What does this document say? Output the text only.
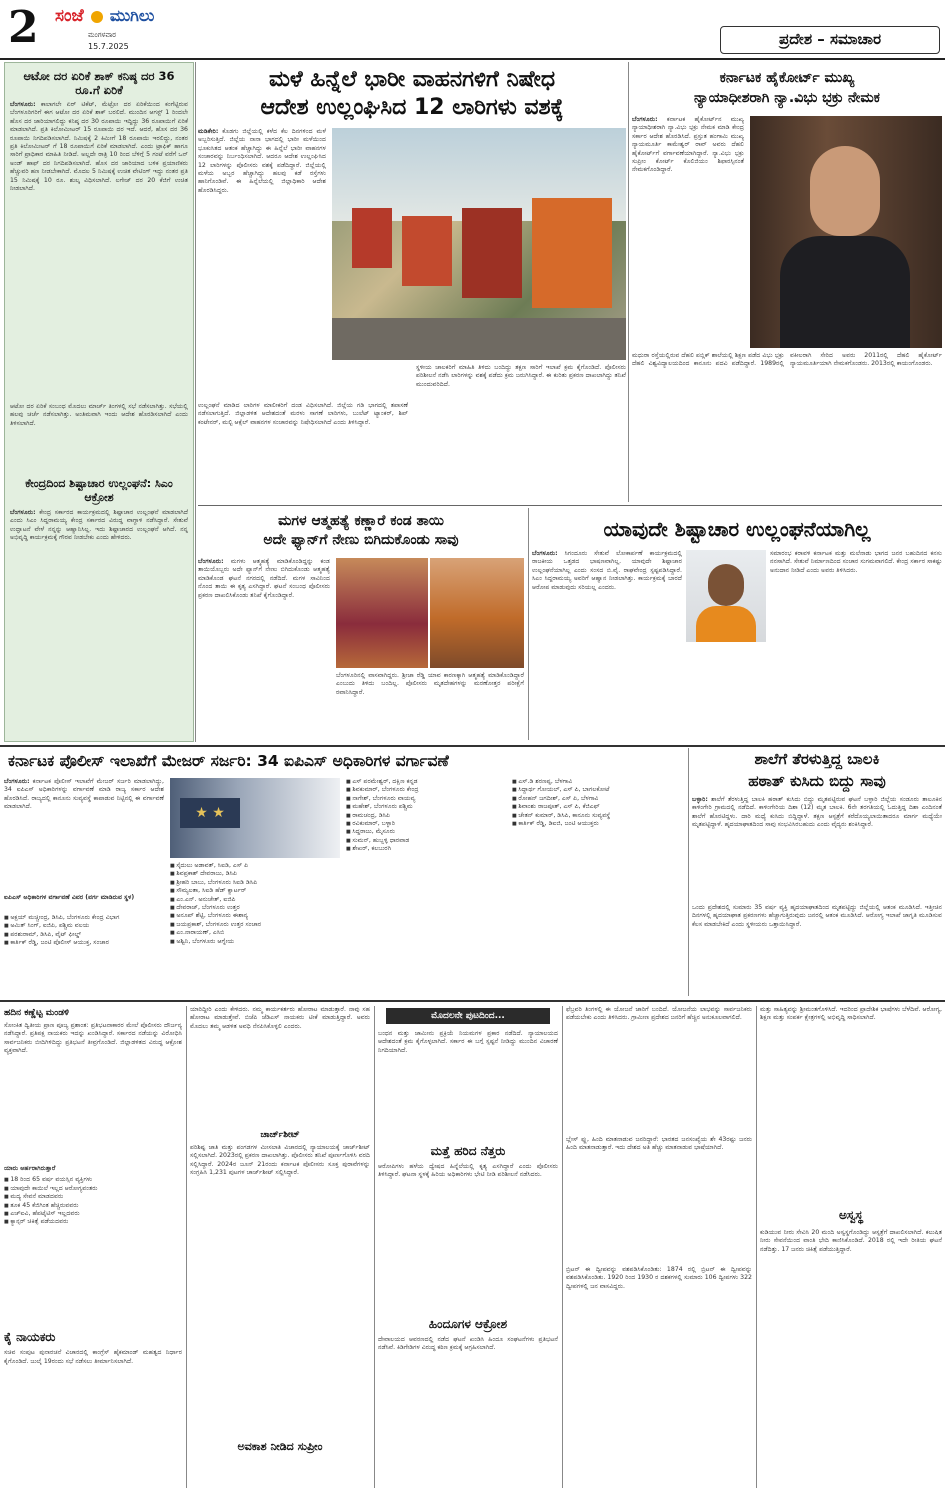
2 ಸಂಜೆ ಮುಗಿಲು
ಮಂಗಳವಾರ
15.7.2025	ಪ್ರದೇಶ – ಸಮಾಚಾರ
ಆಟೋ ದರ ಏರಿಕೆ ಶಾಕ್ ಕನಿಷ್ಠ ದರ 36 ರೂ.ಗೆ ಏರಿಕೆ
ಬೆಂಗಳೂರು: ಕಾಲಾಗಲೇ ಏರ್ ಟಿಕೆಟ್, ಮೆಟ್ರೋ ದರ ಏರಿಕೆಯಿಂದ ಕಂಗೆಟ್ಟಿರುವ ಬೆಂಗಳೂರಿಗರಿಗೆ ಈಗ ಆಟೋ ದರ ಏರಿಕೆ ಶಾಕ್ ಬರಲಿದೆ. ಮುಂದಿನ ಆಗಸ್ಟ್ 1 ರಿಂದಲೇ ಹೊಸ ದರ ಜಾರಿಯಾಗಲಿದ್ದು ಕನಿಷ್ಠ ದರ 30 ರೂಪಾಯಿ ಇದ್ದಿದ್ದು 36 ರೂಪಾಯಿಗೆ ಏರಿಕೆ ಮಾಡಲಾಗಿದೆ. ಪ್ರತಿ ಕಿಲೋಮೀಟರ್ 15 ರೂಪಾಯಿ ದರ ಇದೆ. ಆದರೆ, ಹೊಸ ದರ 36 ರೂಪಾಯಿ ನಿಗದಿಪಡಿಸಲಾಗಿದೆ. ನಿಮಿಷಕ್ಕೆ 2 ಕಿಮೀಗೆ 18 ರೂಪಾಯಿ ಇರಲಿದ್ದು, ನಂತರ ಪ್ರತಿ ಕಿಲೋಮೀಟರ್ ಗೆ 18 ರೂಪಾಯಿಗೆ ಏರಿಕೆ ಮಾಡಲಾಗಿದೆ. ಎಂದು ಟ್ರಾಫಿಕ್ ಹಾಗೂ ಸಾರಿಗೆ ಪ್ರಾಧಿಕಾರ ಮಾಹಿತಿ ನೀಡಿದೆ. ಅಲ್ಲದೇ ರಾತ್ರಿ 10 ರಿಂದ ಬೆಳಿಗ್ಗೆ 5 ಗಂಟೆ ವರೆಗೆ ಒನ್ ಅಂಡ್ ಹಾಫ್ ದರ ನಿಗದಿಪಡಿಸಲಾಗಿದೆ. ಹೊಸ ದರ ಜಾರಿಯಾದ ಬಳಿಕ ಪ್ರಯಾಣಿಕರು ಹೆಚ್ಚುವರಿ ಹಣ ನೀಡಬೇಕಾಗಿದೆ. ಮೊದಲ 5 ನಿಮಿಷಕ್ಕೆ ಉಚಿತ ವೇಟಿಂಗ್ ಇದ್ದು ನಂತರ ಪ್ರತಿ 15 ನಿಮಿಷಕ್ಕೆ 10 ರೂ. ಶುಲ್ಕ ವಿಧಿಸಲಾಗಿದೆ. ಲಗೇಜ್ ದರ 20 ಕೆಜಿಗೆ ಉಚಿತ ನೀಡಲಾಗಿದೆ.
ಆಟೋ ದರ ಏರಿಕೆ ಸಂಬಂಧ ಮೊದಲು ಮಾರ್ಚ್ ತಿಂಗಳಲ್ಲಿ ಸಭೆ ನಡೆಸಲಾಗಿತ್ತು. ಸಭೆಯಲ್ಲಿ ಹಲವು ಚರ್ಚೆ ನಡೆಸಲಾಗಿತ್ತು. ಅಂತಿಮವಾಗಿ ಇಂದು ಆದೇಶ ಹೊರಡಿಸಲಾಗಿದೆ ಎಂದು ತಿಳಿಸಲಾಗಿದೆ.
ಕೇಂದ್ರದಿಂದ ಶಿಷ್ಟಾಚಾರ ಉಲ್ಲಂಘನೆ: ಸಿಎಂ ಆಕ್ರೋಶ
ಬೆಂಗಳೂರು: ಕೇಂದ್ರ ಸರ್ಕಾರದ ಕಾರ್ಯಕ್ರಮದಲ್ಲಿ ಶಿಷ್ಟಾಚಾರ ಉಲ್ಲಂಘನೆ ಮಾಡಲಾಗಿದೆ ಎಂದು ಸಿಎಂ ಸಿದ್ದರಾಮಯ್ಯ ಕೇಂದ್ರ ಸರ್ಕಾರದ ವಿರುದ್ಧ ವಾಗ್ದಾಳಿ ನಡೆಸಿದ್ದಾರೆ. ಸೇತುವೆ ಉದ್ಘಾಟನೆ ವೇಳೆ ನನ್ನನ್ನು ಆಹ್ವಾನಿಸಿಲ್ಲ. ಇದು ಶಿಷ್ಟಾಚಾರದ ಉಲ್ಲಂಘನೆ ಆಗಿದೆ. ನನ್ನ ಅಭಿವೃದ್ಧಿ ಕಾರ್ಯಕ್ರಮಕ್ಕೆ ಗೌರವ ನೀಡಬೇಕು ಎಂದು ಹೇಳಿದರು.
ಮಳೆ ಹಿನ್ನೆಲೆ ಭಾರೀ ವಾಹನಗಳಿಗೆ ನಿಷೇಧ
ಆದೇಶ ಉಲ್ಲಂಘಿಸಿದ 12 ಲಾರಿಗಳು ವಶಕ್ಕೆ
ಮಡಿಕೇರಿ: ಕೊಡಗು ಜಿಲ್ಲೆಯಲ್ಲಿ ಕಳೆದ ಕೆಲ ದಿನಗಳಿಂದ ಮಳೆ ಅಬ್ಬರಿಸುತ್ತಿದೆ. ಜಿಲ್ಲೆಯ ನಾನಾ ಭಾಗದಲ್ಲಿ ಭಾರೀ ಮಳೆಯಿಂದ ಭೂಕುಸಿತದ ಆತಂಕ ಹೆಚ್ಚಾಗಿದ್ದು ಈ ಹಿನ್ನೆಲೆ ಭಾರೀ ವಾಹನಗಳ ಸಂಚಾರವನ್ನು ನಿರ್ಬಂಧಿಸಲಾಗಿದೆ. ಆದರೂ ಆದೇಶ ಉಲ್ಲಂಘಿಸಿದ 12 ಲಾರಿಗಳನ್ನು ಪೊಲೀಸರು ವಶಕ್ಕೆ ಪಡೆದಿದ್ದಾರೆ. ಜಿಲ್ಲೆಯಲ್ಲಿ ಮಳೆಯ ಅಬ್ಬರ ಹೆಚ್ಚಾಗಿದ್ದು ಹಲವು ಕಡೆ ರಸ್ತೆಗಳು ಹಾನಿಗೊಂಡಿವೆ. ಈ ಹಿನ್ನೆಲೆಯಲ್ಲಿ ಜಿಲ್ಲಾಧಿಕಾರಿ ಆದೇಶ ಹೊರಡಿಸಿದ್ದರು.
ಉಲ್ಲಂಘನೆ ಮಾಡಿದ ಲಾರಿಗಳ ಮಾಲೀಕರಿಗೆ ದಂಡ ವಿಧಿಸಲಾಗಿದೆ. ಜಿಲ್ಲೆಯ ಗಡಿ ಭಾಗದಲ್ಲಿ ತಪಾಸಣೆ ನಡೆಸಲಾಗುತ್ತಿದೆ. ಜಿಲ್ಲಾಡಳಿತ ಆದೇಶದಂತೆ ಮರಳು ಸಾಗಣೆ ಲಾರಿಗಳು, ಬುಲೆಟ್ ಟ್ಯಾಂಕರ್, ಶಿಪ್ ಕಂಟೇನರ್, ಮಲ್ಟಿ ಆಕ್ಸೆಲ್ ವಾಹನಗಳ ಸಂಚಾರವನ್ನು ನಿಷೇಧಿಸಲಾಗಿದೆ ಎಂದು ತಿಳಿಸಿದ್ದಾರೆ.
ಸ್ಥಳೀಯ ಚಾಲಕರಿಗೆ ಮಾಹಿತಿ ತಿಳಿದು ಬಂದಿದ್ದು ತಕ್ಷಣ ಸಾರಿಗೆ ಇಲಾಖೆ ಕ್ರಮ ಕೈಗೊಂಡಿದೆ. ಪೊಲೀಸರು ಪರಿಶೀಲನೆ ನಡೆಸಿ ಲಾರಿಗಳನ್ನು ವಶಕ್ಕೆ ಪಡೆದು ಕ್ರಮ ಜರುಗಿಸಿದ್ದಾರೆ. ಈ ಕುರಿತು ಪ್ರಕರಣ ದಾಖಲಾಗಿದ್ದು ತನಿಖೆ ಮುಂದುವರಿದಿದೆ.
ಕರ್ನಾಟಕ ಹೈಕೋರ್ಟ್ ಮುಖ್ಯ
ನ್ಯಾಯಾಧೀಶರಾಗಿ ನ್ಯಾ.ವಿಭು ಭಕ್ರು ನೇಮಕ
ಬೆಂಗಳೂರು: ಕರ್ನಾಟಕ ಹೈಕೋರ್ಟ್‌ನ ಮುಖ್ಯ ನ್ಯಾಯಾಧೀಶರಾಗಿ ನ್ಯಾ.ವಿಭು ಭಕ್ರು ನೇಮಕ ಮಾಡಿ ಕೇಂದ್ರ ಸರ್ಕಾರ ಆದೇಶ ಹೊರಡಿಸಿದೆ. ಪ್ರಸ್ತುತ ಹಂಗಾಮಿ ಮುಖ್ಯ ನ್ಯಾಯಮೂರ್ತಿ ಕಾಮೇಶ್ವರ್ ರಾವ್ ಅವರು ದೆಹಲಿ ಹೈಕೋರ್ಟ್‌ಗೆ ವರ್ಗಾವಣೆಯಾಗಿದ್ದಾರೆ. ನ್ಯಾ.ವಿಭು ಭಕ್ರು ಸುಪ್ರೀಂ ಕೋರ್ಟ್ ಕೊಲಿಜಿಯಂ ಶಿಫಾರಸ್ಸಿನಂತೆ ನೇಮಕಗೊಂಡಿದ್ದಾರೆ.
ಮಧುರಾ ರಸ್ತೆಯಲ್ಲಿರುವ ದೆಹಲಿ ಪಬ್ಲಿಕ್ ಶಾಲೆಯಲ್ಲಿ ಶಿಕ್ಷಣ ಪಡೆದ ವಿಭು ಭಕ್ರು ದೆಹಲಿ ವಿಶ್ವವಿದ್ಯಾಲಯದಿಂದ ಕಾನೂನು ಪದವಿ ಪಡೆದಿದ್ದಾರೆ. 1989ರಲ್ಲಿ ವಕೀಲರಾಗಿ ಸೇರಿದ ಅವರು 2011ರಲ್ಲಿ ದೆಹಲಿ ಹೈಕೋರ್ಟ್ ನ್ಯಾಯಮೂರ್ತಿಯಾಗಿ ನೇಮಕಗೊಂಡರು. 2013ರಲ್ಲಿ ಕಾಯಂಗೊಂಡರು.
ಮಗಳ ಆತ್ಮಹತ್ಯೆ ಕಣ್ಣಾರೆ ಕಂಡ ತಾಯಿ
ಅದೇ ಫ್ಯಾನ್‌ಗೆ ನೇಣು ಬಿಗಿದುಕೊಂಡು ಸಾವು
ಬೆಂಗಳೂರು: ಮಗಳು ಆತ್ಮಹತ್ಯೆ ಮಾಡಿಕೊಂಡಿದ್ದನ್ನು ಕಂಡ ತಾಯಿಯೊಬ್ಬರು ಅದೇ ಫ್ಯಾನ್‌ಗೆ ನೇಣು ಬಿಗಿದುಕೊಂಡು ಆತ್ಮಹತ್ಯೆ ಮಾಡಿಕೊಂಡ ಘಟನೆ ನಗರದಲ್ಲಿ ನಡೆದಿದೆ. ಮಗಳ ಸಾವಿನಿಂದ ನೊಂದ ತಾಯಿ ಈ ಕೃತ್ಯ ಎಸಗಿದ್ದಾರೆ. ಘಟನೆ ಸಂಬಂಧ ಪೊಲೀಸರು ಪ್ರಕರಣ ದಾಖಲಿಸಿಕೊಂಡು ತನಿಖೆ ಕೈಗೊಂಡಿದ್ದಾರೆ.
ಬೆಂಗಳೂರಿನಲ್ಲಿ ವಾಸವಾಗಿದ್ದರು. ಶ್ರೀಜಾ ರೆಡ್ಡಿ ಯಾವ ಕಾರಣಕ್ಕಾಗಿ ಆತ್ಮಹತ್ಯೆ ಮಾಡಿಕೊಂಡಿದ್ದಾರೆ ಎಂಬುದು ತಿಳಿದು ಬಂದಿಲ್ಲ. ಪೊಲೀಸರು ಮೃತದೇಹಗಳನ್ನು ಮರಣೋತ್ತರ ಪರೀಕ್ಷೆಗೆ ರವಾನಿಸಿದ್ದಾರೆ.
ಯಾವುದೇ ಶಿಷ್ಟಾಚಾರ ಉಲ್ಲಂಘನೆಯಾಗಿಲ್ಲ
ಬೆಂಗಳೂರು: ಸಿಗಂದೂರು ಸೇತುವೆ ಲೋಕಾರ್ಪಣೆ ಕಾರ್ಯಕ್ರಮದಲ್ಲಿ ರಾಜಕೀಯ ಒತ್ತಡದ ಭಾಷಣವಾಗಿಲ್ಲ. ಯಾವುದೇ ಶಿಷ್ಟಾಚಾರ ಉಲ್ಲಂಘನೆಯಾಗಿಲ್ಲ ಎಂದು ಸಂಸದ ಬಿ.ವೈ. ರಾಘವೇಂದ್ರ ಸ್ಪಷ್ಟಪಡಿಸಿದ್ದಾರೆ. ಸಿಎಂ ಸಿದ್ದರಾಮಯ್ಯ ಅವರಿಗೆ ಆಹ್ವಾನ ನೀಡಲಾಗಿತ್ತು. ಕಾರ್ಯಕ್ರಮಕ್ಕೆ ಬಾರದೆ ಆರೋಪ ಮಾಡುವುದು ಸರಿಯಲ್ಲ ಎಂದರು.
ಸಮಾರಂಭ ಕರಾವಳಿ ಕರ್ನಾಟಕ ಮತ್ತು ಮಲೆನಾಡು ಭಾಗದ ಜನರ ಬಹುದಿನದ ಕನಸು ನನಸಾಗಿದೆ. ಸೇತುವೆ ನಿರ್ಮಾಣದಿಂದ ಸಂಚಾರ ಸುಗಮವಾಗಲಿದೆ. ಕೇಂದ್ರ ಸರ್ಕಾರ ಸಾಕಷ್ಟು ಅನುದಾನ ನೀಡಿದೆ ಎಂದು ಅವರು ತಿಳಿಸಿದರು.
ಕರ್ನಾಟಕ ಪೊಲೀಸ್ ಇಲಾಖೆಗೆ ಮೇಜರ್ ಸರ್ಜರಿ: 34 ಐಪಿಎಸ್ ಅಧಿಕಾರಿಗಳ ವರ್ಗಾವಣೆ
ಬೆಂಗಳೂರು: ಕರ್ನಾಟಕ ಪೊಲೀಸ್ ಇಲಾಖೆಗೆ ಮೇಜರ್ ಸರ್ಜರಿ ಮಾಡಲಾಗಿದ್ದು, 34 ಐಪಿಎಸ್ ಅಧಿಕಾರಿಗಳನ್ನು ವರ್ಗಾವಣೆ ಮಾಡಿ ರಾಜ್ಯ ಸರ್ಕಾರ ಆದೇಶ ಹೊರಡಿಸಿದೆ. ರಾಜ್ಯದಲ್ಲಿ ಕಾನೂನು ಸುವ್ಯವಸ್ಥೆ ಕಾಪಾಡುವ ನಿಟ್ಟಿನಲ್ಲಿ ಈ ವರ್ಗಾವಣೆ ಮಾಡಲಾಗಿದೆ.
ಐಪಿಎಸ್ ಅಧಿಕಾರಿಗಳ ವರ್ಗಾವಣೆ ವಿವರ (ವರ್ಗ ಮಾಡಿರುವ ಸ್ಥಳ)
■ ಅಕ್ಷಯ್ ಮಚ್ಚೀಂದ್ರ, ಡಿಸಿಪಿ, ಬೆಂಗಳೂರು ಕೇಂದ್ರ ವಿಭಾಗ
■ ಅಮಿತ್ ಸಿಂಗ್, ಐಜಿಪಿ, ಪಶ್ಚಿಮ ವಲಯ
■ ಪರಶುರಾಮ್, ಡಿಸಿಪಿ, ವೈಟ್ ಫೀಲ್ಡ್
■ ಕಾರ್ತಿಕ್ ರೆಡ್ಡಿ, ಜಂಟಿ ಪೊಲೀಸ್ ಆಯುಕ್ತ, ಸಂಚಾರ
★ ★
■ ಸೈದುಲು ಅಡಾವತ್, ಸಿಐಡಿ, ಎಸ್ ಪಿ
■ ಶಿವಪ್ರಕಾಶ್ ದೇವರಾಜು, ಡಿಸಿಪಿ
■ ಶ್ರೀಹರಿ ಬಾಬು, ಬೆಂಗಳೂರು ಸಿಐಡಿ ಡಿಸಿಪಿ
■ ಸೌಮ್ಯಲತಾ, ಸಿಐಡಿ ಹೆಡ್ ಕ್ವಾರ್ಟರ್
■ ಎಂ.ಎನ್. ಅನುಚೇತ್, ಐಜಿಪಿ
■ ದೇವರಾಜ್, ಬೆಂಗಳೂರು ಉತ್ತರ
■ ಅನೂಪ್ ಶೆಟ್ಟಿ, ಬೆಂಗಳೂರು ಈಶಾನ್ಯ
■ ಜಯಪ್ರಕಾಶ್, ಬೆಂಗಳೂರು ಉತ್ತರ ಸಂಚಾರ
■ ಎಂ.ನಾರಾಯಣ್, ಎಸಿಬಿ
■ ಅಶ್ವಿನಿ, ಬೆಂಗಳೂರು ಆಗ್ನೇಯ
■ ಎಸ್ ಪರಮೇಶ್ವರ್, ದಕ್ಷಿಣ ಕನ್ನಡ
■ ಶಿವಕುಮಾರ್, ಬೆಂಗಳೂರು ಕೇಂದ್ರ
■ ನಾಗೇಶ್, ಬೆಂಗಳೂರು ವಾಯವ್ಯ
■ ಮಹೇಶ್, ಬೆಂಗಳೂರು ಪಶ್ಚಿಮ
■ ರಾಮಚಂದ್ರ, ಡಿಸಿಪಿ
■ ರವಿಕುಮಾರ್, ಬಳ್ಳಾರಿ
■ ಸಿದ್ದರಾಜು, ಮೈಸೂರು
■ ಸುಮನ್, ಹುಬ್ಬಳ್ಳಿ ಧಾರವಾಡ
■ ಶೇಖರ್, ಕಲಬುರಗಿ
■ ಎಸ್.ಡಿ ಶರಣಪ್ಪ, ಬೆಳಗಾವಿ
■ ಸಿದ್ದಾರ್ಥ ಗೋಯಲ್, ಎಸ್ ಪಿ, ಬಾಗಲಕೋಟೆ
■ ರೋಹನ್ ಜಗದೀಶ್, ಎಸ್ ಪಿ, ಬೆಳಗಾವಿ
■ ಶಿವಾಂಶು ರಾಜಪೂತ್, ಎಸ್ ಪಿ, ಕೆಜಿಎಫ್
■ ಚೇತನ್ ಕುಮಾರ್, ಡಿಸಿಪಿ, ಕಾನೂನು ಸುವ್ಯವಸ್ಥೆ
■ ಕಾರ್ತಿಕ್ ರೆಡ್ಡಿ, ಡಿಐಜಿ, ಜಂಟಿ ಆಯುಕ್ತರು
ಶಾಲೆಗೆ ತೆರಳುತ್ತಿದ್ದ ಬಾಲಕಿ
ಹಠಾತ್ ಕುಸಿದು ಬಿದ್ದು ಸಾವು
ಬಳ್ಳಾರಿ: ಶಾಲೆಗೆ ತೆರಳುತ್ತಿದ್ದ ಬಾಲಕಿ ಹಠಾತ್ ಕುಸಿದು ಬಿದ್ದು ಮೃತಪಟ್ಟಿರುವ ಘಟನೆ ಬಳ್ಳಾರಿ ಜಿಲ್ಲೆಯ ಸಂಡೂರು ತಾಲೂಕಿನ ಕಾಳಿಂಗೇರಿ ಗ್ರಾಮದಲ್ಲಿ ನಡೆದಿದೆ. ಕಾಳಿಂಗೇರಿಯ ದಿಶಾ (12) ಮೃತ ಬಾಲಕಿ. 6ನೇ ತರಗತಿಯಲ್ಲಿ ಓದುತ್ತಿದ್ದ ದಿಶಾ ಎಂದಿನಂತೆ ಶಾಲೆಗೆ ಹೊರಟಿದ್ದಳು. ದಾರಿ ಮಧ್ಯೆ ಕುಸಿದು ಬಿದ್ದಿದ್ದಾಳೆ. ತಕ್ಷಣ ಆಸ್ಪತ್ರೆಗೆ ಕರೆದೊಯ್ಯಲಾಯಿತಾದರೂ ಮಾರ್ಗ ಮಧ್ಯೆಯೇ ಮೃತಪಟ್ಟಿದ್ದಾಳೆ. ಹೃದಯಾಘಾತದಿಂದ ಸಾವು ಸಂಭವಿಸಿರಬಹುದು ಎಂದು ವೈದ್ಯರು ಶಂಕಿಸಿದ್ದಾರೆ.
ಒಂದು ಪ್ರದೇಶದಲ್ಲಿ ಸುಮಾರು 35 ವರ್ಷ ವ್ಯಕ್ತಿ ಹೃದಯಾಘಾತದಿಂದ ಮೃತಪಟ್ಟಿದ್ದು ಜಿಲ್ಲೆಯಲ್ಲಿ ಆತಂಕ ಮೂಡಿಸಿದೆ. ಇತ್ತೀಚಿನ ದಿನಗಳಲ್ಲಿ ಹೃದಯಾಘಾತ ಪ್ರಕರಣಗಳು ಹೆಚ್ಚಾಗುತ್ತಿರುವುದು ಜನರಲ್ಲಿ ಆತಂಕ ಮೂಡಿಸಿದೆ. ಆರೋಗ್ಯ ಇಲಾಖೆ ಜಾಗೃತಿ ಮೂಡಿಸುವ ಕೆಲಸ ಮಾಡಬೇಕಿದೆ ಎಂದು ಸ್ಥಳೀಯರು ಒತ್ತಾಯಿಸಿದ್ದಾರೆ.
ಹದಿನ ಕಣ್ಣೆಟ್ಟ ಮಂಡಳಿ
ಸೋಂಕಿತ ದ್ವಿತೀಯ ಪ್ರಾಣ ಪೂಜ್ಯ ಪ್ರಶಾಂತ: ಪ್ರತಿಭಟನಾಕಾರರ ಮೇಲೆ ಪೊಲೀಸರು ದೌರ್ಜನ್ಯ ನಡೆಸಿದ್ದಾರೆ. ಪ್ರತಿಪಕ್ಷ ನಾಯಕರು ಇದನ್ನು ಖಂಡಿಸಿದ್ದಾರೆ. ಸರ್ಕಾರದ ನಡೆಯನ್ನು ವಿರೋಧಿಸಿ ಸಾರ್ವಜನಿಕರು ಬೀದಿಗಿಳಿದಿದ್ದು ಪ್ರತಿಭಟನೆ ತೀವ್ರಗೊಂಡಿದೆ. ಜಿಲ್ಲಾಡಳಿತದ ವಿರುದ್ಧ ಆಕ್ರೋಶ ವ್ಯಕ್ತವಾಗಿದೆ.
ಯಾರು ಅರ್ಹರಾಗಿರುತ್ತಾರೆ
■ 18 ರಿಂದ 65 ವರ್ಷ ವಯಸ್ಸಿನ ವ್ಯಕ್ತಿಗಳು
■ ಯಾವುದೇ ಕಾಯಿಲೆ ಇಲ್ಲದ ಆರೋಗ್ಯವಂತರು
■ ಮದ್ಯ ಸೇವನೆ ಮಾಡದವರು
■ ತೂಕ 45 ಕೆಜಿಗಿಂತ ಹೆಚ್ಚಿರುವವರು
■ ಎಚ್ಐವಿ, ಹೆಪಟೈಟಿಸ್ ಇಲ್ಲದವರು
■ ಕ್ಯಾನ್ಸರ್ ಚಿಕಿತ್ಸೆ ಪಡೆಯದವರು
ಕೈ ನಾಯಕರು
ಸಚಿವ ಸಂಪುಟ ಪುನಾರಚನೆ ವಿಚಾರದಲ್ಲಿ ಕಾಂಗ್ರೆಸ್ ಹೈಕಮಾಂಡ್ ಮಹತ್ವದ ನಿರ್ಧಾರ ಕೈಗೊಂಡಿದೆ. ಜುಲೈ 19ರಂದು ಸಭೆ ನಡೆಸಲು ತೀರ್ಮಾನಿಸಲಾಗಿದೆ.
ಯಾರಿದ್ದೀರಿ ಎಂದು ಕೇಳಿದರು. ನಮ್ಮ ಕಾರ್ಯಕರ್ತರು ಹೋರಾಟ ಮಾಡುತ್ತಾರೆ. ನಾವು ಸಹ ಹೋರಾಟ ಮಾಡುತ್ತೇವೆ. ಬಿಜೆಪಿ ಜೆಡಿಎಸ್ ನಾಯಕರು ಟೀಕೆ ಮಾಡುತ್ತಿದ್ದಾರೆ. ಅವರು ಮೊದಲು ತಮ್ಮ ಆಡಳಿತ ಅವಧಿ ನೆನಪಿಸಿಕೊಳ್ಳಲಿ ಎಂದರು.
ಚಾರ್ಜ್‌ಶೀಟ್
ಪರಿಶಿಷ್ಟ ಜಾತಿ ಮತ್ತು ಪಂಗಡಗಳ ಮೀಸಲಾತಿ ವಿಚಾರದಲ್ಲಿ ನ್ಯಾಯಾಲಯಕ್ಕೆ ಚಾರ್ಜ್‌ಶೀಟ್ ಸಲ್ಲಿಸಲಾಗಿದೆ. 2023ರಲ್ಲಿ ಪ್ರಕರಣ ದಾಖಲಾಗಿತ್ತು. ಪೊಲೀಸರು ತನಿಖೆ ಪೂರ್ಣಗೊಳಿಸಿ ವರದಿ ಸಲ್ಲಿಸಿದ್ದಾರೆ. 2024ರ ಜೂನ್ 21ರಂದು ಕರ್ನಾಟಕ ಪೊಲೀಸರು ಸೂಕ್ತ ಪುರಾವೆಗಳನ್ನು ಸಂಗ್ರಹಿಸಿ 1,231 ಪುಟಗಳ ಚಾರ್ಜ್‌ಶೀಟ್ ಸಲ್ಲಿಸಿದ್ದಾರೆ.
ಅವಕಾಶ ನೀಡಿದ ಸುಪ್ರೀಂ
ಮೊದಲನೇ ಪುಟದಿಂದ...
ಬಂಧನ ಮತ್ತು ಜಾಮೀನು ಪ್ರಕ್ರಿಯೆ ನಿಯಮಗಳ ಪ್ರಕಾರ ನಡೆದಿದೆ. ನ್ಯಾಯಾಲಯದ ಆದೇಶದಂತೆ ಕ್ರಮ ಕೈಗೊಳ್ಳಲಾಗಿದೆ. ಸರ್ಕಾರ ಈ ಬಗ್ಗೆ ಸ್ಪಷ್ಟನೆ ನೀಡಿದ್ದು ಮುಂದಿನ ವಿಚಾರಣೆ ನಿಗದಿಯಾಗಿದೆ.
ಮತ್ತೆ ಹರಿದ ನೆತ್ತರು
ಆರೋಪಿಗಳು ಹಳೆಯ ದ್ವೇಷದ ಹಿನ್ನೆಲೆಯಲ್ಲಿ ಕೃತ್ಯ ಎಸಗಿದ್ದಾರೆ ಎಂದು ಪೊಲೀಸರು ತಿಳಿಸಿದ್ದಾರೆ. ಘಟನಾ ಸ್ಥಳಕ್ಕೆ ಹಿರಿಯ ಅಧಿಕಾರಿಗಳು ಭೇಟಿ ನೀಡಿ ಪರಿಶೀಲನೆ ನಡೆಸಿದರು.
ಹಿಂದೂಗಳ ಆಕ್ರೋಶ
ದೇವಾಲಯದ ಆವರಣದಲ್ಲಿ ನಡೆದ ಘಟನೆ ಖಂಡಿಸಿ ಹಿಂದೂ ಸಂಘಟನೆಗಳು ಪ್ರತಿಭಟನೆ ನಡೆಸಿವೆ. ಕಿಡಿಗೇಡಿಗಳ ವಿರುದ್ಧ ಕಠಿಣ ಕ್ರಮಕ್ಕೆ ಆಗ್ರಹಿಸಲಾಗಿದೆ.
ಫೆಬ್ರವರಿ ತಿಂಗಳಲ್ಲಿ ಈ ಯೋಜನೆ ಜಾರಿಗೆ ಬಂದಿದೆ. ಯೋಜನೆಯ ಲಾಭವನ್ನು ಸಾರ್ವಜನಿಕರು ಪಡೆಯಬೇಕು ಎಂದು ತಿಳಿಸಿದರು. ಗ್ರಾಮೀಣ ಪ್ರದೇಶದ ಜನರಿಗೆ ಹೆಚ್ಚಿನ ಅನುಕೂಲವಾಗಲಿದೆ.
ಬ್ಲೇಸ್ ಫ್ಲು, ಹಿಂದಿ ಮಾತನಾಡುವ ಜನರಿದ್ದಾರೆ: ಭಾರತದ ಜನಸಂಖ್ಯೆಯ ಶೇ 43ರಷ್ಟು ಜನರು ಹಿಂದಿ ಮಾತನಾಡುತ್ತಾರೆ. ಇದು ದೇಶದ ಅತಿ ಹೆಚ್ಚು ಮಾತನಾಡುವ ಭಾಷೆಯಾಗಿದೆ.
ಬ್ರಿಟನ್ ಈ ದ್ವೀಪವನ್ನು ವಶಪಡಿಸಿಕೊಂಡಿತು: 1874 ರಲ್ಲಿ ಬ್ರಿಟನ್ ಈ ದ್ವೀಪವನ್ನು ವಶಪಡಿಸಿಕೊಂಡಿತು. 1920 ರಿಂದ 1930 ರ ದಶಕಗಳಲ್ಲಿ ಸುಮಾರು 106 ದ್ವೀಪಗಳು 322 ದ್ವೀಪಗಳಲ್ಲಿ ಜನ ವಾಸವಿದ್ದರು.
ಮತ್ತು ಸಾಹಿತ್ಯವನ್ನು ಶ್ರೀಮಂತಗೊಳಿಸಿದೆ. ಇದರಿಂದ ಪ್ರಾದೇಶಿಕ ಭಾಷೆಗಳು ಬೆಳೆದಿವೆ. ಆರೋಗ್ಯ, ಶಿಕ್ಷಣ ಮತ್ತು ಸಂಪರ್ಕ ಕ್ಷೇತ್ರಗಳಲ್ಲಿ ಅಭಿವೃದ್ಧಿ ಸಾಧಿಸಲಾಗಿದೆ.
ಅಸ್ವಸ್ಥ
ಕುಡಿಯುವ ನೀರು ಸೇವಿಸಿ 20 ಮಂದಿ ಅಸ್ವಸ್ಥಗೊಂಡಿದ್ದು ಆಸ್ಪತ್ರೆಗೆ ದಾಖಲಿಸಲಾಗಿದೆ. ಕಲುಷಿತ ನೀರು ಸೇವನೆಯಿಂದ ವಾಂತಿ ಭೇದಿ ಕಾಣಿಸಿಕೊಂಡಿದೆ. 2018 ರಲ್ಲಿ ಇದೇ ರೀತಿಯ ಘಟನೆ ನಡೆದಿತ್ತು. 17 ಜನರು ಚಿಕಿತ್ಸೆ ಪಡೆಯುತ್ತಿದ್ದಾರೆ.
